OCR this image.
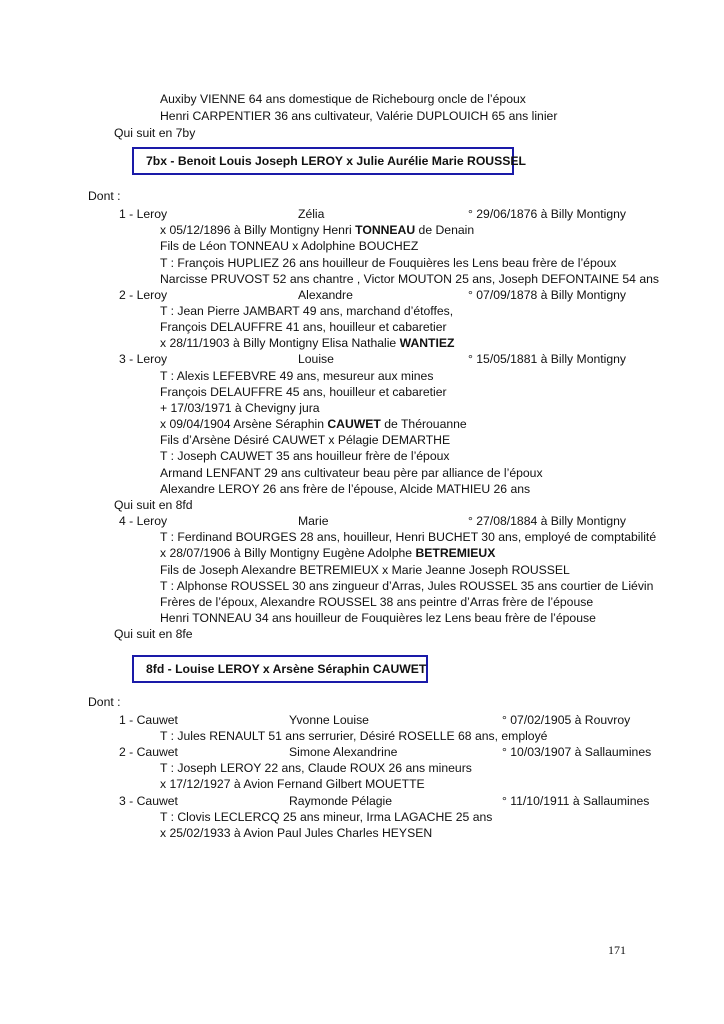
Auxiby VIENNE 64 ans domestique de Richebourg oncle de l’époux
Henri CARPENTIER 36 ans cultivateur, Valérie DUPLOUICH 65 ans linier
Qui suit en 7by
7bx - Benoit Louis Joseph LEROY x Julie Aurélie Marie ROUSSEL
Dont :
1 - Leroy	Zélia	° 29/06/1876 à Billy Montigny
x 05/12/1896 à Billy Montigny Henri TONNEAU de Denain
Fils de Léon TONNEAU x Adolphine BOUCHEZ
T : François HUPLIEZ 26 ans houilleur de Fouquières les Lens beau frère de l’époux
Narcisse PRUVOST 52 ans chantre , Victor MOUTON 25 ans, Joseph DEFONTAINE 54 ans
2 - Leroy	Alexandre	° 07/09/1878 à Billy Montigny
T : Jean Pierre JAMBART 49 ans, marchand d’étoffes,
François DELAUFFRE 41 ans, houilleur et cabaretier
x 28/11/1903 à Billy Montigny Elisa Nathalie WANTIEZ
3 - Leroy	Louise	° 15/05/1881 à Billy Montigny
T : Alexis LEFEBVRE 49 ans, mesureur aux mines
François DELAUFFRE 45 ans, houilleur et cabaretier
+ 17/03/1971 à Chevigny jura
x 09/04/1904 Arsène Séraphin CAUWET de Thérouanne
Fils d’Arsène Désiré CAUWET x Pélagie DEMARTHE
T : Joseph CAUWET 35 ans houilleur frère de l’époux
Armand LENFANT 29 ans cultivateur beau père par alliance de l’époux
Alexandre LEROY 26 ans frère de l’épouse, Alcide MATHIEU 26 ans
Qui suit en 8fd
4 - Leroy	Marie	° 27/08/1884 à Billy Montigny
T : Ferdinand BOURGES 28 ans, houilleur, Henri BUCHET 30 ans, employé de comptabilité
x 28/07/1906 à Billy Montigny Eugène Adolphe BETREMIEUX
Fils de Joseph Alexandre BETREMIEUX x Marie Jeanne Joseph ROUSSEL
T : Alphonse ROUSSEL 30 ans zingueur d’Arras, Jules ROUSSEL 35 ans courtier de Liévin
Frères de l’époux, Alexandre ROUSSEL 38 ans peintre d’Arras frère de l’épouse
Henri TONNEAU 34 ans houilleur de Fouquières lez Lens beau frère de l’épouse
Qui suit en 8fe
8fd - Louise LEROY x Arsène Séraphin CAUWET
Dont :
1 - Cauwet	Yvonne Louise	° 07/02/1905 à Rouvroy
T : Jules RENAULT 51 ans serrurier, Désiré ROSELLE 68 ans, employé
2 - Cauwet	Simone Alexandrine	° 10/03/1907 à Sallaumines
T : Joseph LEROY 22 ans, Claude ROUX 26 ans mineurs
x 17/12/1927 à Avion Fernand Gilbert MOUETTE
3 - Cauwet	Raymonde Pélagie	° 11/10/1911 à Sallaumines
T : Clovis LECLERCQ 25 ans mineur, Irma LAGACHE 25 ans
x 25/02/1933 à Avion Paul Jules Charles HEYSEN
171
